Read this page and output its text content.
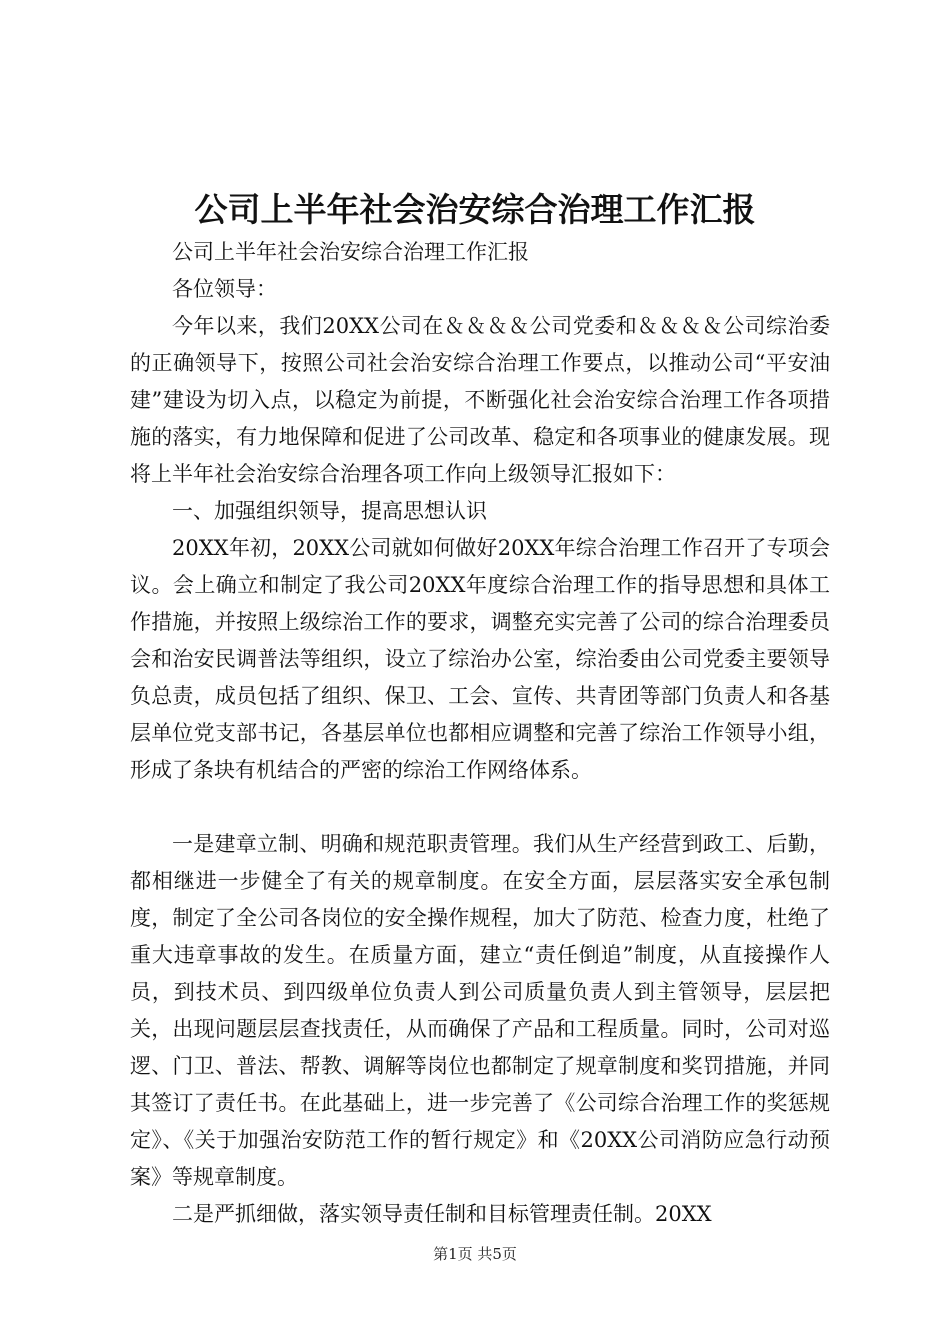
公司上半年社会治安综合治理工作汇报

公司上半年社会治安综合治理工作汇报

各位领导：

今年以来，我们20XX公司在＆＆＆＆公司党委和＆＆＆＆公司综治委的正确领导下，按照公司社会治安综合治理工作要点，以推动公司“平安油建”建设为切入点，以稳定为前提，不断强化社会治安综合治理工作各项措施的落实，有力地保障和促进了公司改革、稳定和各项事业的健康发展。现将上半年社会治安综合治理各项工作向上级领导汇报如下：

一、加强组织领导，提高思想认识

20XX年初，20XX公司就如何做好20XX年综合治理工作召开了专项会议。会上确立和制定了我公司20XX年度综合治理工作的指导思想和具体工作措施，并按照上级综治工作的要求，调整充实完善了公司的综合治理委员会和治安民调普法等组织，设立了综治办公室，综治委由公司党委主要领导负总责，成员包括了组织、保卫、工会、宣传、共青团等部门负责人和各基层单位党支部书记，各基层单位也都相应调整和完善了综治工作领导小组，形成了条块有机结合的严密的综治工作网络体系。

一是建章立制、明确和规范职责管理。我们从生产经营到政工、后勤，都相继进一步健全了有关的规章制度。在安全方面，层层落实安全承包制度，制定了全公司各岗位的安全操作规程，加大了防范、检查力度，杜绝了重大违章事故的发生。在质量方面，建立“责任倒追”制度，从直接操作人员，到技术员、到四级单位负责人到公司质量负责人到主管领导，层层把关，出现问题层层查找责任，从而确保了产品和工程质量。同时，公司对巡逻、门卫、普法、帮教、调解等岗位也都制定了规章制度和奖罚措施，并同其签订了责任书。在此基础上，进一步完善了《公司综合治理工作的奖惩规定》、《关于加强治安防范工作的暂行规定》和《20XX公司消防应急行动预案》等规章制度。

二是严抓细做，落实领导责任制和目标管理责任制。20XX

第1页 共5页
